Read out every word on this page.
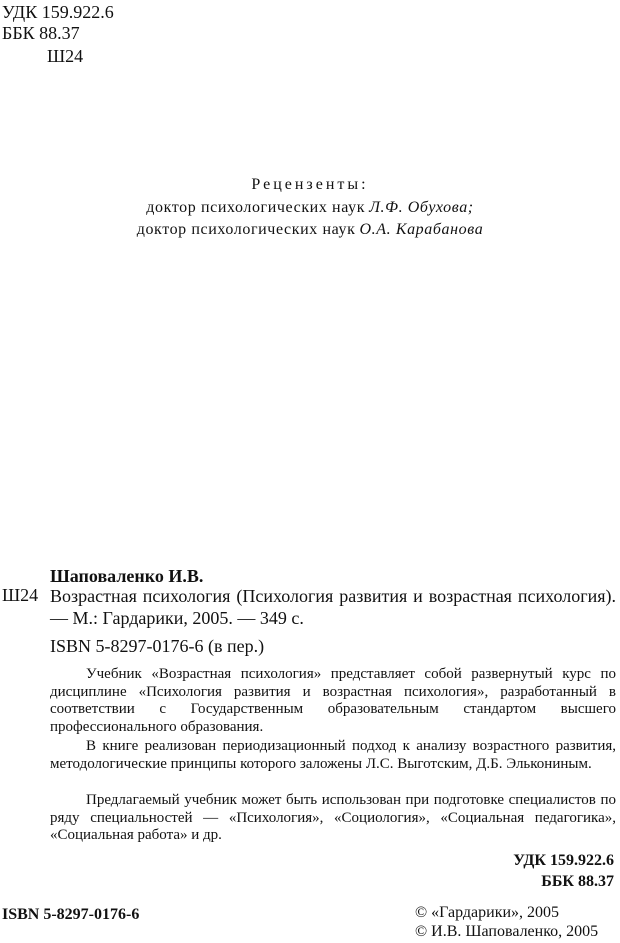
УДК 159.922.6
ББК 88.37
Ш24
Рецензенты:
доктор психологических наук Л.Ф. Обухова;
доктор психологических наук О.А. Карабанова
Шаповаленко И.В.
Ш24 Возрастная психология (Психология развития и возрастная психология). — М.: Гардарики, 2005. — 349 с.
ISBN 5-8297-0176-6 (в пер.)
Учебник «Возрастная психология» представляет собой развернутый курс по дисциплине «Психология развития и возрастная психология», разработанный в соответствии с Государственным образовательным стандартом высшего профессионального образования.
В книге реализован периодизационный подход к анализу возрастного развития, методологические принципы которого заложены Л.С. Выготским, Д.Б. Элькониным.
Предлагаемый учебник может быть использован при подготовке специалистов по ряду специальностей — «Психология», «Социология», «Социальная педагогика», «Социальная работа» и др.
УДК 159.922.6
ББК 88.37
ISBN 5-8297-0176-6	© «Гардарики», 2005
© И.В. Шаповаленко, 2005
